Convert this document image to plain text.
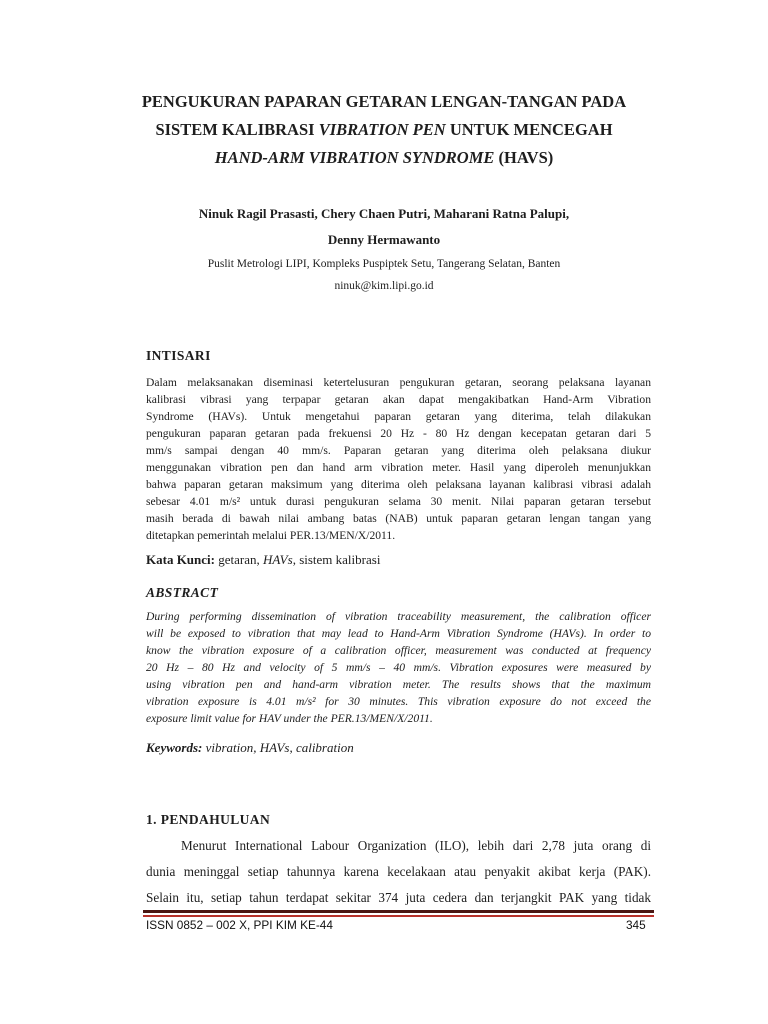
PENGUKURAN PAPARAN GETARAN LENGAN-TANGAN PADA
SISTEM KALIBRASI VIBRATION PEN UNTUK MENCEGAH
HAND-ARM VIBRATION SYNDROME (HAVS)
Ninuk Ragil Prasasti, Chery Chaen Putri, Maharani Ratna Palupi,
Denny Hermawanto
Puslit Metrologi LIPI, Kompleks Puspiptek Setu, Tangerang Selatan, Banten
ninuk@kim.lipi.go.id
INTISARI
Dalam melaksanakan diseminasi ketertelusuran pengukuran getaran, seorang pelaksana layanan
kalibrasi vibrasi yang terpapar getaran akan dapat mengakibatkan Hand-Arm Vibration
Syndrome (HAVs). Untuk mengetahui paparan getaran yang diterima, telah dilakukan
pengukuran paparan getaran pada frekuensi 20 Hz - 80 Hz dengan kecepatan getaran dari 5
mm/s sampai dengan 40 mm/s. Paparan getaran yang diterima oleh pelaksana diukur
menggunakan vibration pen dan hand arm vibration meter. Hasil yang diperoleh menunjukkan
bahwa paparan getaran maksimum yang diterima oleh pelaksana layanan kalibrasi vibrasi adalah
sebesar 4.01 m/s² untuk durasi pengukuran selama 30 menit. Nilai paparan getaran tersebut
masih berada di bawah nilai ambang batas (NAB) untuk paparan getaran lengan tangan yang
ditetapkan pemerintah melalui PER.13/MEN/X/2011.
Kata Kunci: getaran, HAVs, sistem kalibrasi
ABSTRACT
During performing dissemination of vibration traceability measurement, the calibration officer
will be exposed to vibration that may lead to Hand-Arm Vibration Syndrome (HAVs). In order to
know the vibration exposure of a calibration officer, measurement was conducted at frequency
20 Hz – 80 Hz and velocity of 5 mm/s – 40 mm/s. Vibration exposures were measured by
using vibration pen and hand-arm vibration meter. The results shows that the maximum
vibration exposure is 4.01 m/s² for 30 minutes. This vibration exposure do not exceed the
exposure limit value for HAV under the PER.13/MEN/X/2011.
Keywords: vibration, HAVs, calibration
1. PENDAHULUAN
Menurut International Labour Organization (ILO), lebih dari 2,78 juta orang di
dunia meninggal setiap tahunnya karena kecelakaan atau penyakit akibat kerja (PAK).
Selain itu, setiap tahun terdapat sekitar 374 juta cedera dan terjangkit PAK yang tidak
ISSN 0852 – 002 X, PPI KIM KE-44	345
